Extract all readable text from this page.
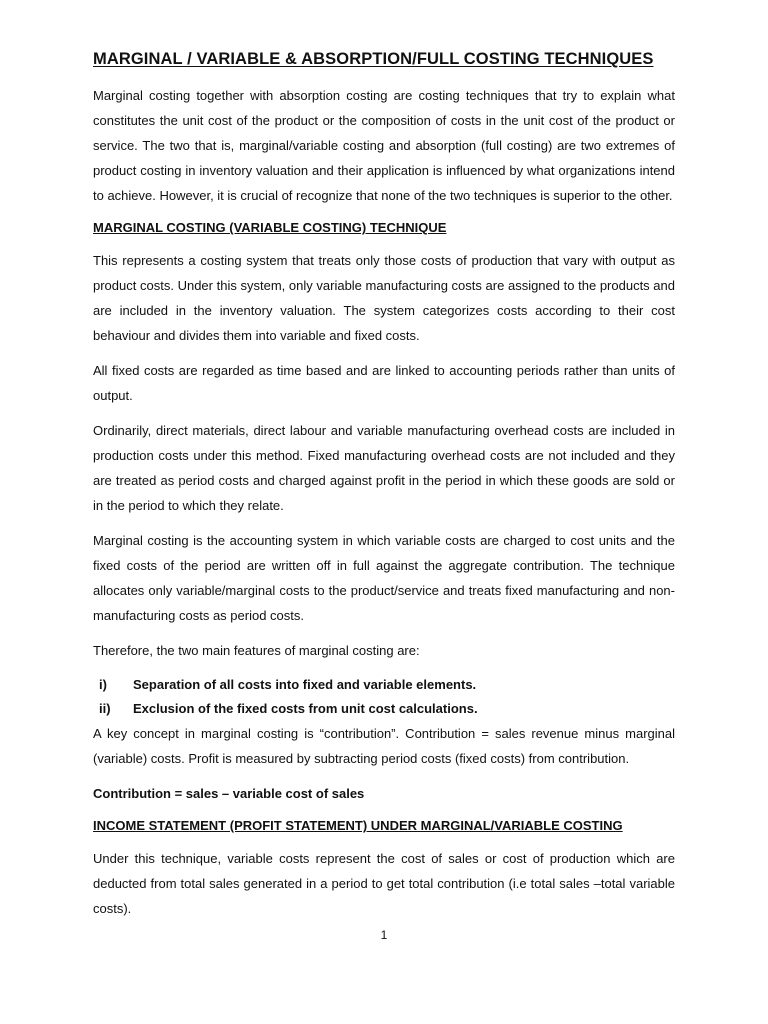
MARGINAL / VARIABLE & ABSORPTION/FULL COSTING TECHNIQUES

Marginal costing together with absorption costing are costing techniques that try to explain what constitutes the unit cost of the product or the composition of costs in the unit cost of the product or service. The two that is, marginal/variable costing and absorption (full costing) are two extremes of product costing in inventory valuation and their application is influenced by what organizations intend to achieve. However, it is crucial of recognize that none of the two techniques is superior to the other.

MARGINAL COSTING (VARIABLE COSTING) TECHNIQUE

This represents a costing system that treats only those costs of production that vary with output as product costs. Under this system, only variable manufacturing costs are assigned to the products and are included in the inventory valuation. The system categorizes costs according to their cost behaviour and divides them into variable and fixed costs.

All fixed costs are regarded as time based and are linked to accounting periods rather than units of output.

Ordinarily, direct materials, direct labour and variable manufacturing overhead costs are included in production costs under this method. Fixed manufacturing overhead costs are not included and they are treated as period costs and charged against profit in the period in which these goods are sold or in the period to which they relate.

Marginal costing is the accounting system in which variable costs are charged to cost units and the fixed costs of the period are written off in full against the aggregate contribution. The technique allocates only variable/marginal costs to the product/service and treats fixed manufacturing and non-manufacturing costs as period costs.

Therefore, the two main features of marginal costing are:

i)	Separation of all costs into fixed and variable elements.
ii)	Exclusion of the fixed costs from unit cost calculations.

A key concept in marginal costing is “contribution”. Contribution = sales revenue minus marginal (variable) costs. Profit is measured by subtracting period costs (fixed costs) from contribution.

Contribution = sales – variable cost of sales

INCOME STATEMENT (PROFIT STATEMENT) UNDER MARGINAL/VARIABLE COSTING

Under this technique, variable costs represent the cost of sales or cost of production which are deducted from total sales generated in a period to get total contribution (i.e total sales –total variable costs).

1
